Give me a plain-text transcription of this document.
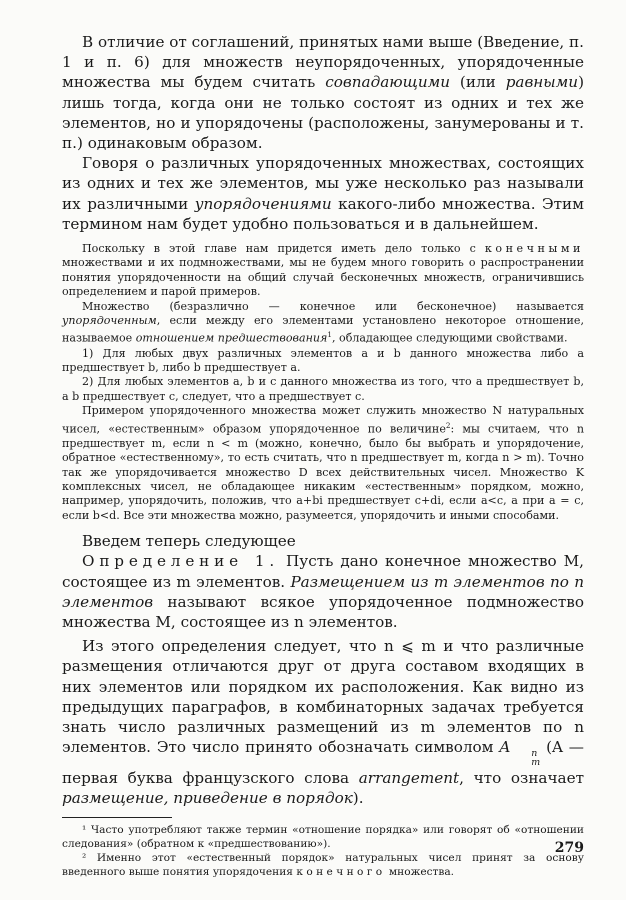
В отличие от соглашений, принятых нами выше (Введение, п. 1 и п. 6) для множеств неупорядоченных, упорядоченные множества мы будем считать совпадающими (или равными) лишь тогда, когда они не только состоят из одних и тех же элементов, но и упорядочены (расположены, занумерованы и т. п.) одинаковым образом.

Говоря о различных упорядоченных множествах, состоящих из одних и тех же элементов, мы уже несколько раз называли их различными упорядочениями какого-либо множества. Этим термином нам будет удобно пользоваться и в дальнейшем.

Поскольку в этой главе нам придется иметь дело только с конечными множествами и их подмножествами, мы не будем много говорить о распространении понятия упорядоченности на общий случай бесконечных множеств, ограничившись определением и парой примеров.

Множество (безразлично — конечное или бесконечное) называется упорядоченным, если между его элементами установлено некоторое отношение, называемое отношением предшествования$^1$, обладающее следующими свойствами.

1) Для любых двух различных элементов a и b данного множества либо a предшествует b, либо b предшествует a.

2) Для любых элементов a, b и c данного множества из того, что a предшествует b, а b предшествует c, следует, что a предшествует c.

Примером упорядоченного множества может служить множество N натуральных чисел, «естественным» образом упорядоченное по величине$^2$: мы считаем, что n предшествует m, если n < m (можно, конечно, было бы выбрать и упорядочение, обратное «естественному», то есть считать, что n предшествует m, когда n > m). Точно так же упорядочивается множество D всех действительных чисел. Множество K комплексных чисел, не обладающее никаким «естественным» порядком, можно, например, упорядочить, положив, что a+bi предшествует c+di, если a<c, а при a = c, если b<d. Все эти множества можно, разумеется, упорядочить и иными способами.

Введем теперь следующее

Определение 1. Пусть дано конечное множество M, состоящее из m элементов. Размещением из m элементов по n элементов называют всякое упорядоченное подмножество множества M, состоящее из n элементов.

Из этого определения следует, что n ⩽ m и что различные размещения отличаются друг от друга составом входящих в них элементов или порядком их расположения. Как видно из предыдущих параграфов, в комбинаторных задачах требуется знать число различных размещений из m элементов по n элементов. Это число принято обозначать символом A	n
m
(A — первая буква французского слова arrangement, что означает размещение, приведение в порядок).

¹ Часто употребляют также термин «отношение порядка» или говорят об «отношении следования» (обратном к «предшествованию»).

² Именно этот «естественный порядок» натуральных чисел принят за основу введенного выше понятия упорядочения конечного множества.

279
